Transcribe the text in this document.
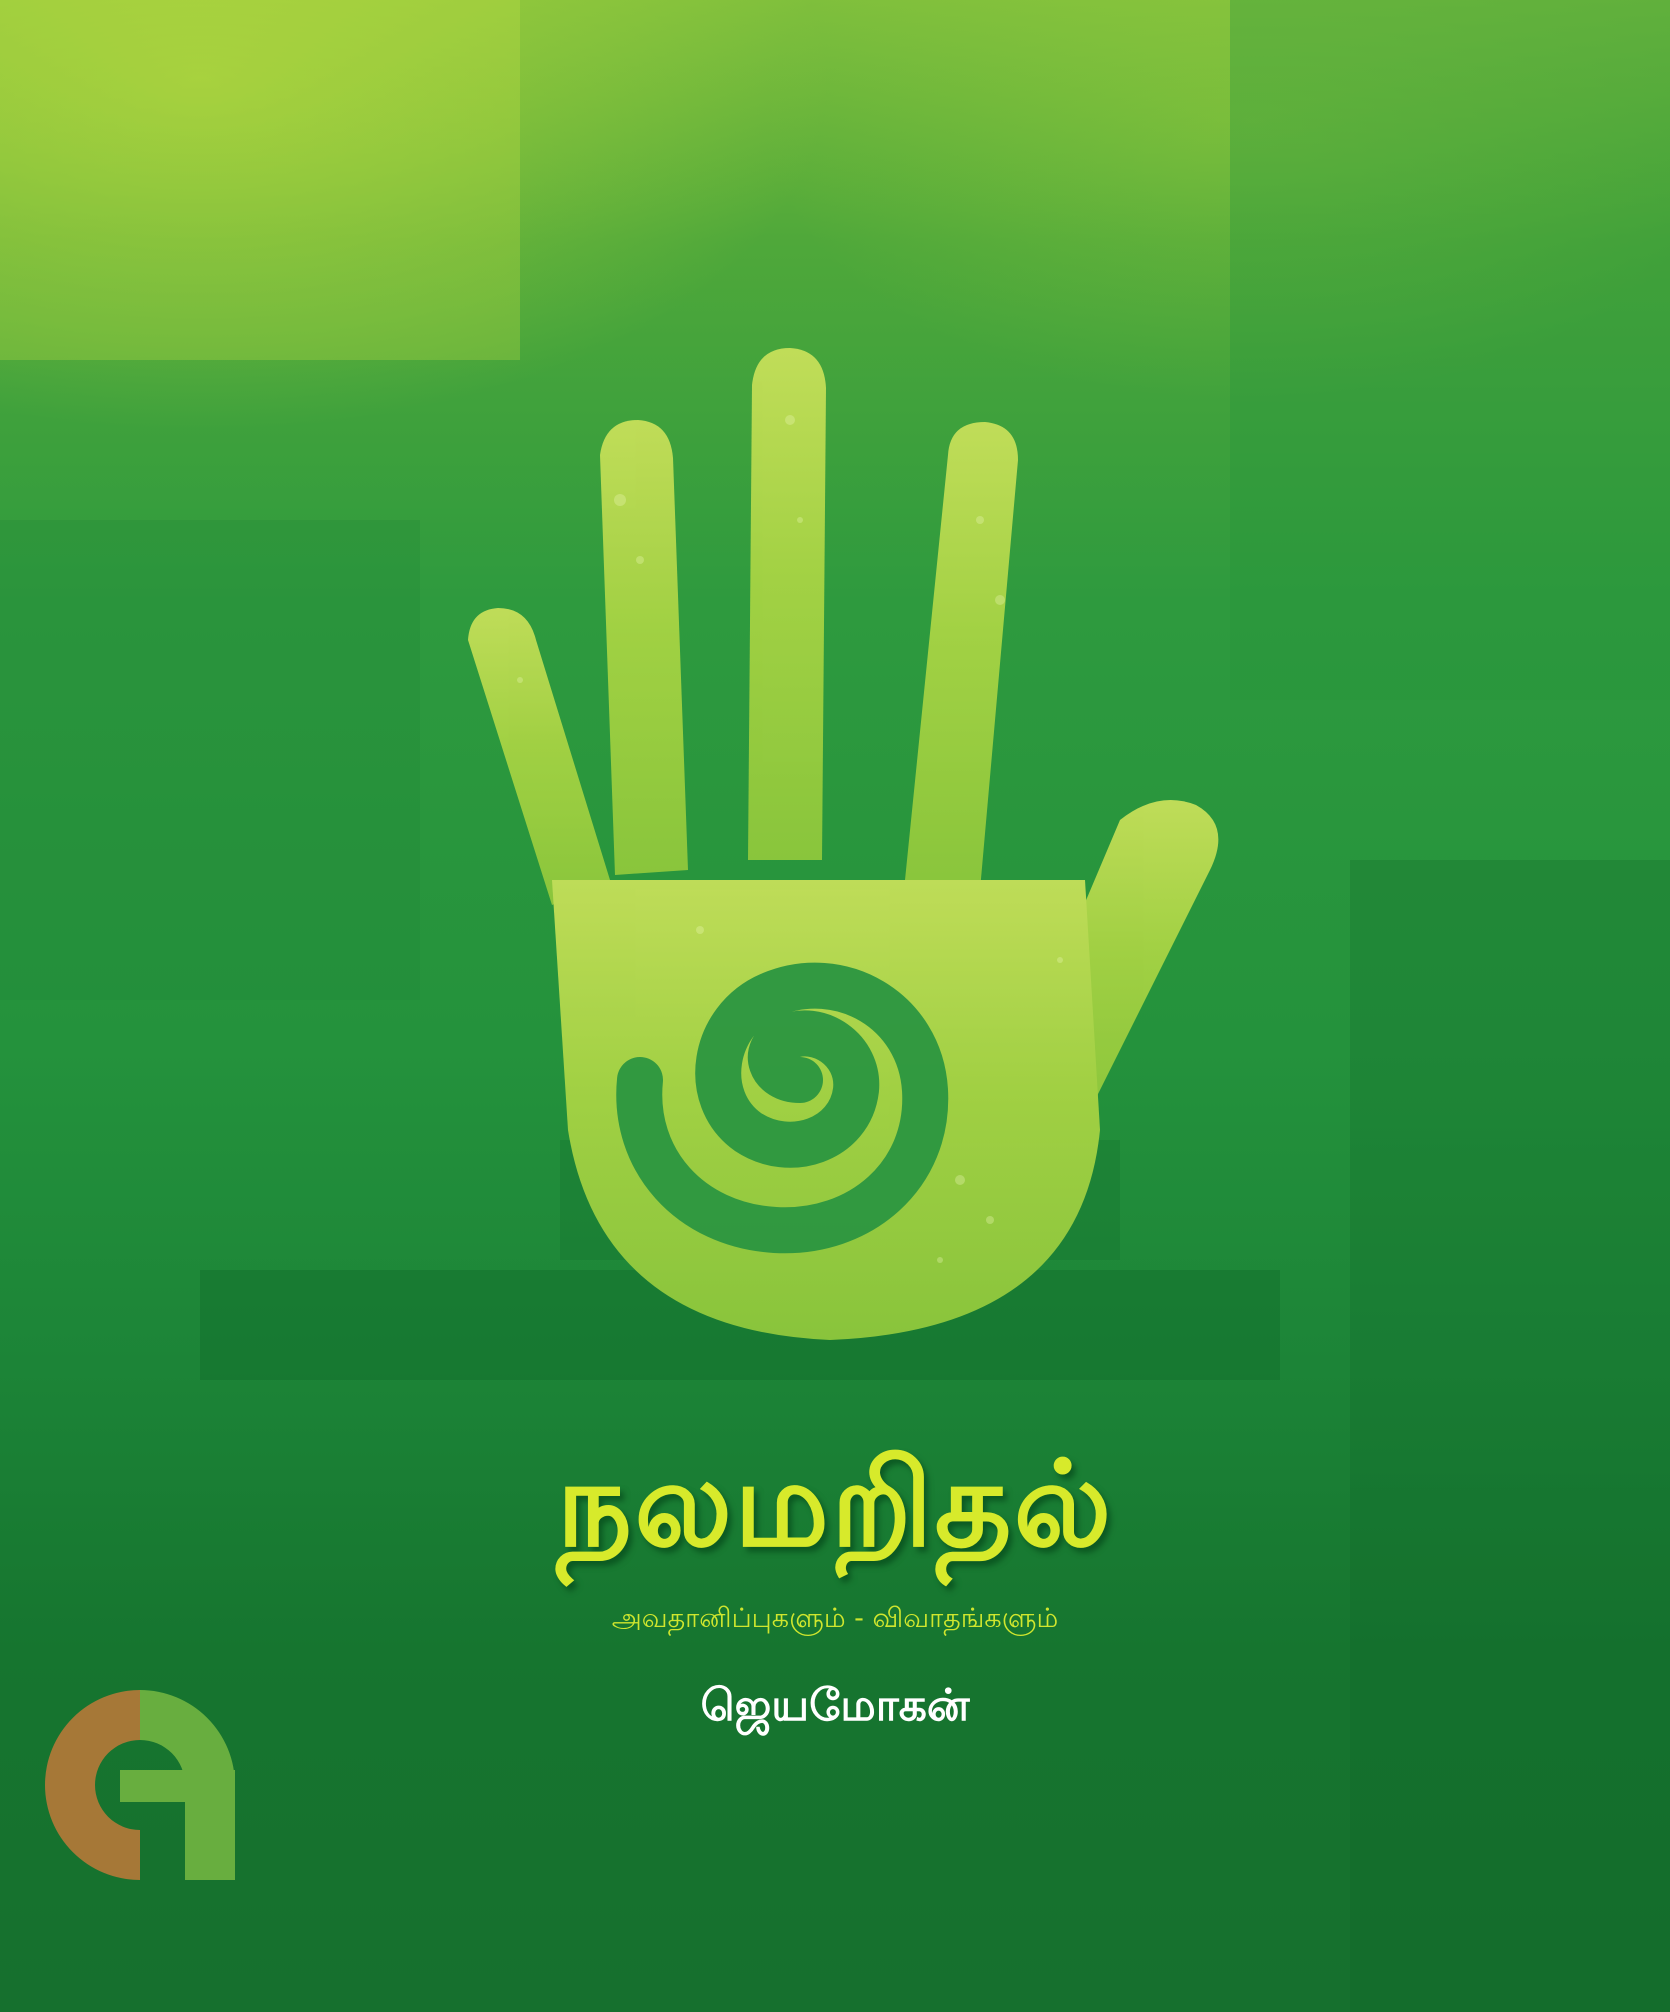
நலமறிதல்
அவதானிப்புகளும் - விவாதங்களும்
ஜெயமோகன்
